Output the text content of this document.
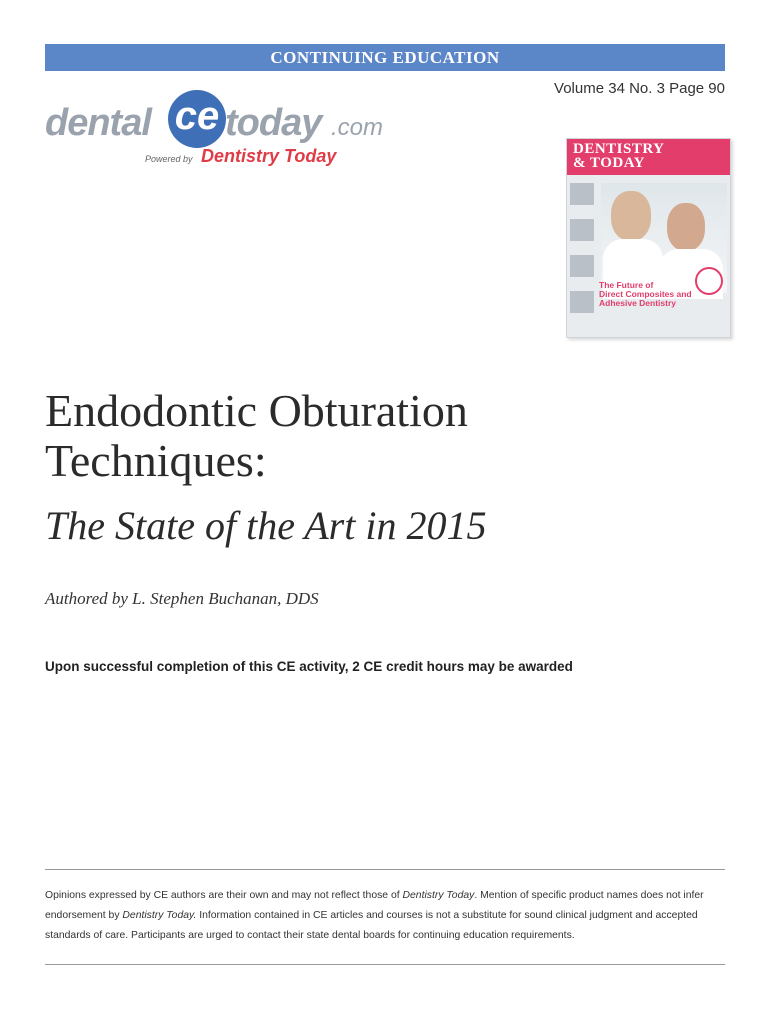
CONTINUING EDUCATION
Volume 34 No. 3 Page 90
dental ce today .com
Powered by Dentistry Today	DENTISTRY
& TODAY
The Future of
Direct Composites and
Adhesive Dentistry
Endodontic Obturation
Techniques:
The State of the Art in 2015
Authored by L. Stephen Buchanan, DDS
Upon successful completion of this CE activity, 2 CE credit hours may be awarded
Opinions expressed by CE authors are their own and may not reflect those of Dentistry Today. Mention of specific product names does not infer endorsement by Dentistry Today. Information contained in CE articles and courses is not a substitute for sound clinical judgment and accepted standards of care. Participants are urged to contact their state dental boards for continuing education requirements.
